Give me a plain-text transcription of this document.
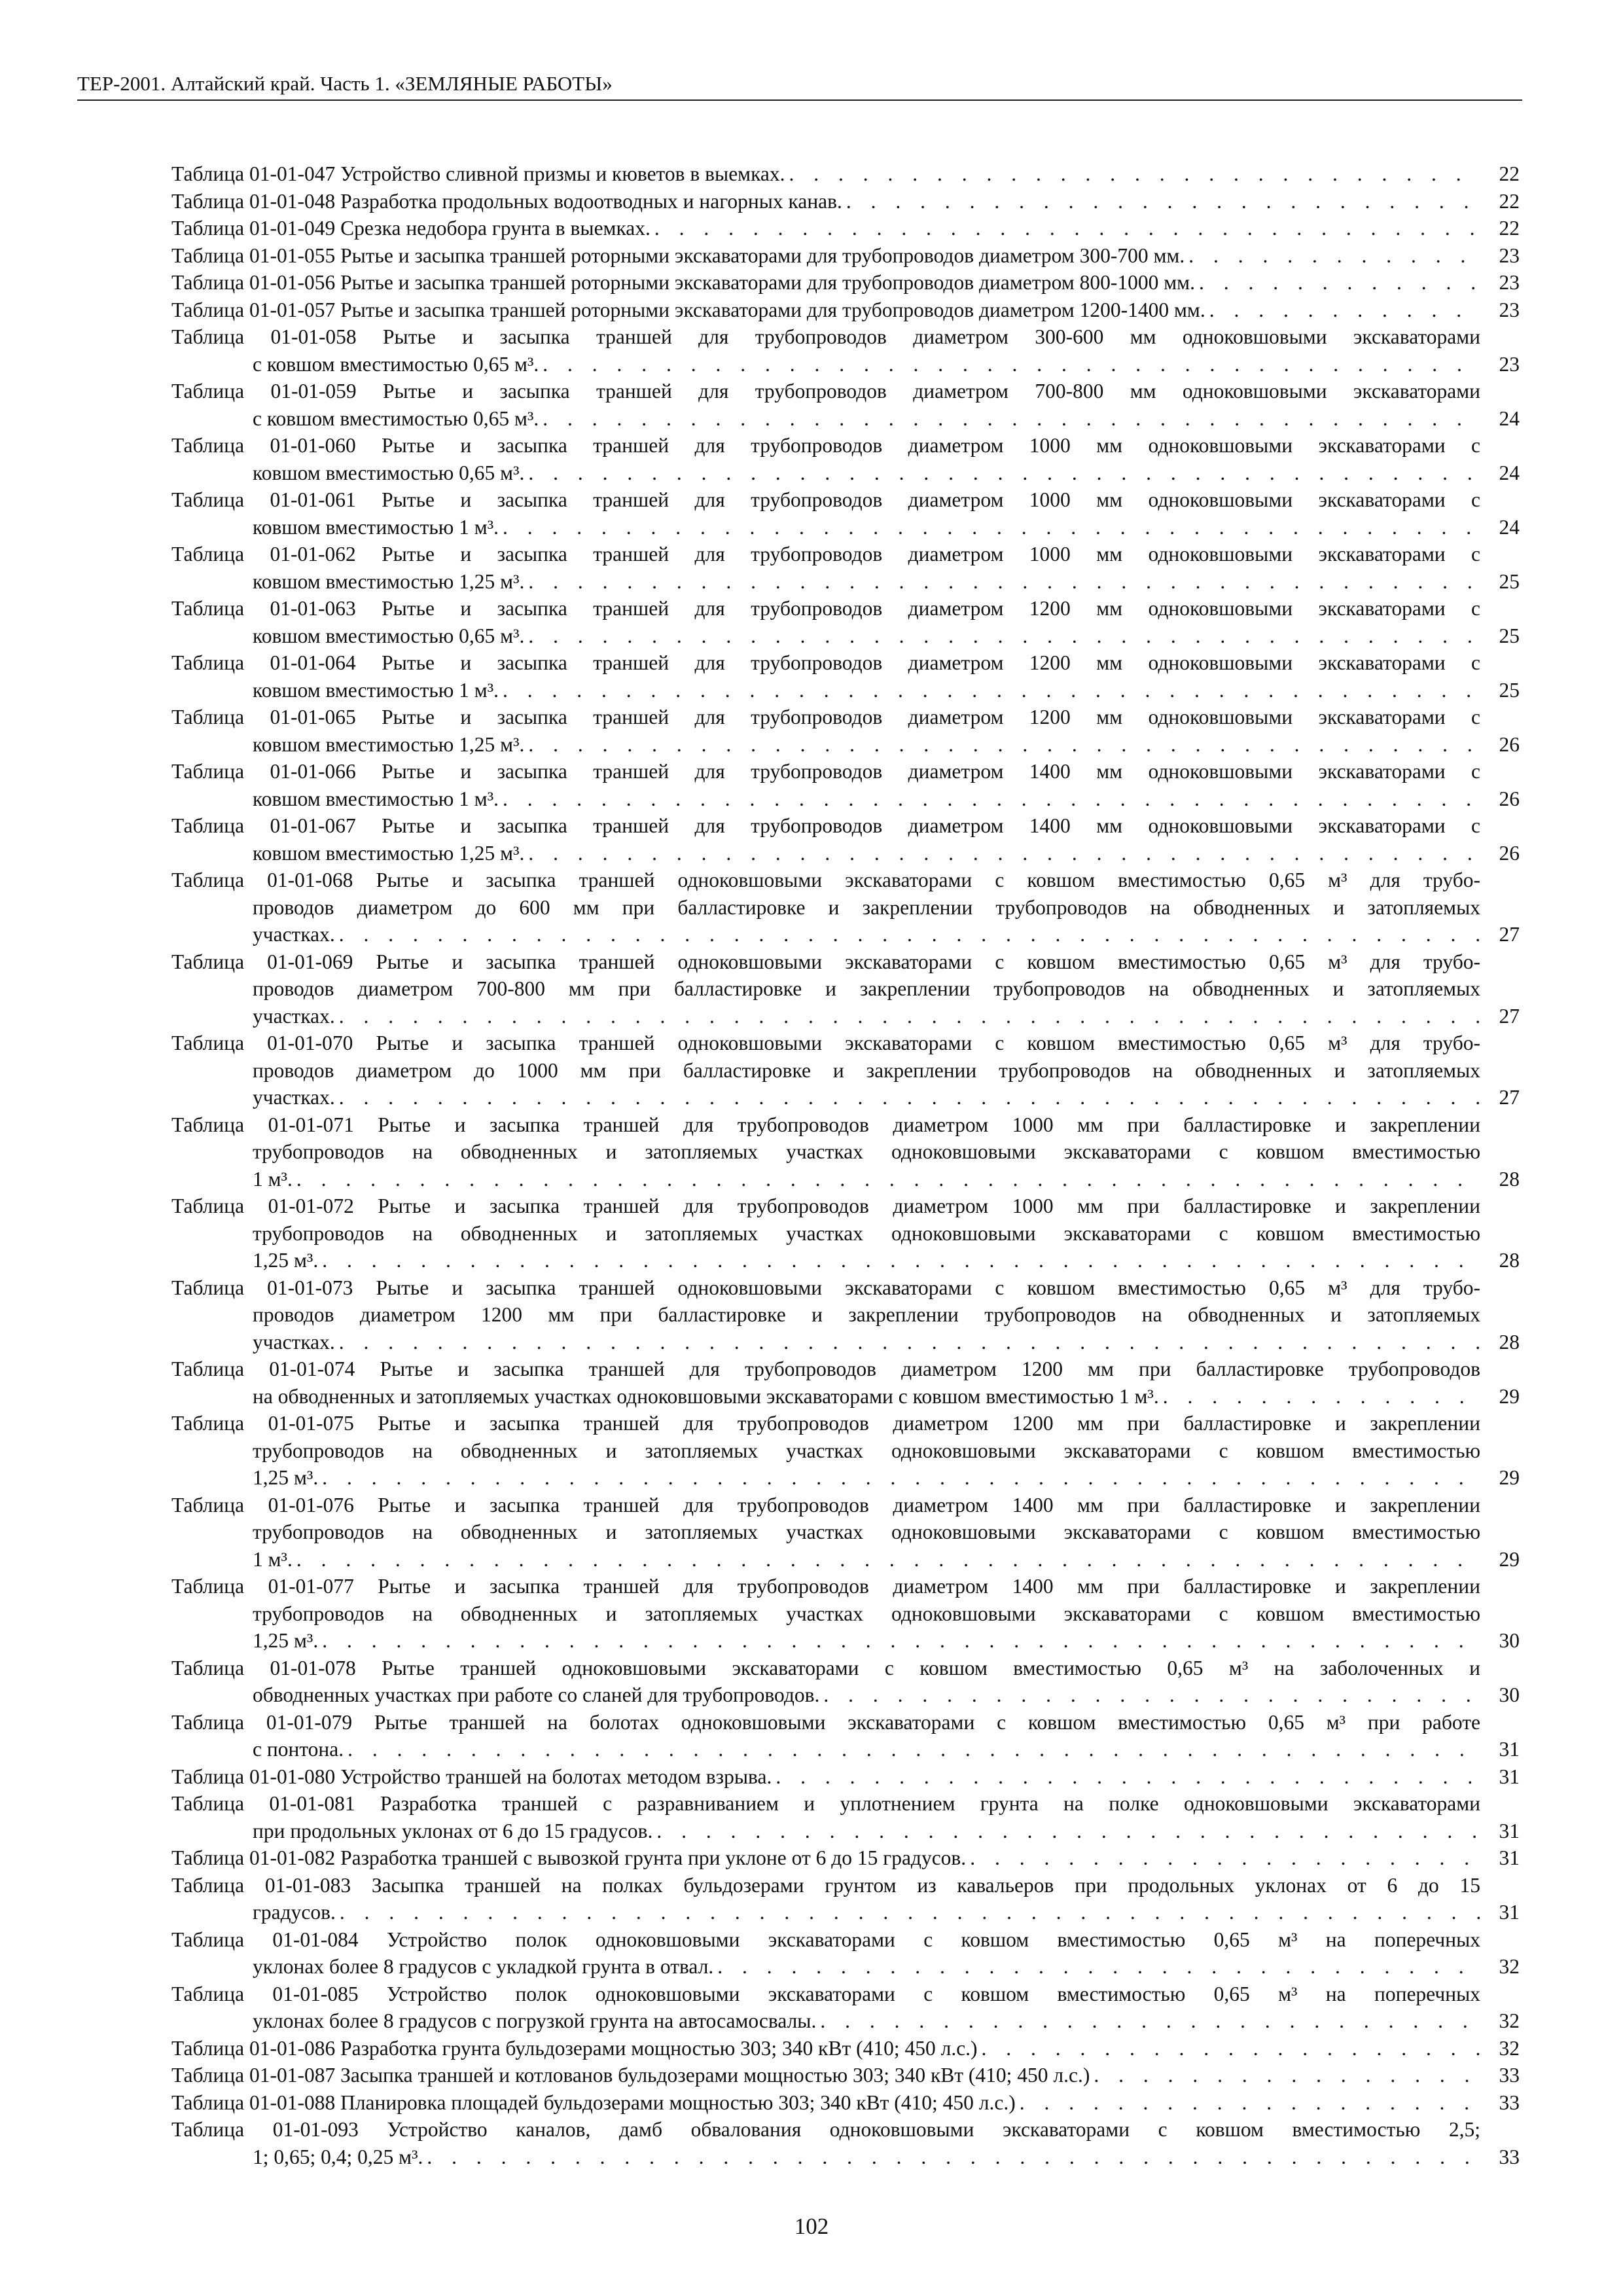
ТЕР-2001. Алтайский край. Часть 1. «ЗЕМЛЯНЫЕ РАБОТЫ»
Таблица 01-01-047 Устройство сливной призмы и кюветов в выемках. . . .	22
Таблица 01-01-048 Разработка продольных водоотводных и нагорных канав. . . .	22
Таблица 01-01-049 Срезка недобора грунта в выемках. . . .	22
Таблица 01-01-055 Рытье и засыпка траншей роторными экскаваторами для трубопроводов диаметром 300-700 мм. . . .	23
Таблица 01-01-056 Рытье и засыпка траншей роторными экскаваторами для трубопроводов диаметром 800-1000 мм. . . .	23
Таблица 01-01-057 Рытье и засыпка траншей роторными экскаваторами для трубопроводов диаметром 1200-1400 мм. . . .	23
Таблица 01-01-058 Рытье и засыпка траншей для трубопроводов диаметром 300-600 мм одноковшовыми экскаваторами
с ковшом вместимостью 0,65 м³. . . .	23
Таблица 01-01-059 Рытье и засыпка траншей для трубопроводов диаметром 700-800 мм одноковшовыми экскаваторами
с ковшом вместимостью 0,65 м³. . . .	24
Таблица 01-01-060 Рытье и засыпка траншей для трубопроводов диаметром 1000 мм одноковшовыми экскаваторами с
ковшом вместимостью 0,65 м³. . . .	24
Таблица 01-01-061 Рытье и засыпка траншей для трубопроводов диаметром 1000 мм одноковшовыми экскаваторами с
ковшом вместимостью 1 м³. . . .	24
Таблица 01-01-062 Рытье и засыпка траншей для трубопроводов диаметром 1000 мм одноковшовыми экскаваторами с
ковшом вместимостью 1,25 м³. . . .	25
Таблица 01-01-063 Рытье и засыпка траншей для трубопроводов диаметром 1200 мм одноковшовыми экскаваторами с
ковшом вместимостью 0,65 м³. . . .	25
Таблица 01-01-064 Рытье и засыпка траншей для трубопроводов диаметром 1200 мм одноковшовыми экскаваторами с
ковшом вместимостью 1 м³. . . .	25
Таблица 01-01-065 Рытье и засыпка траншей для трубопроводов диаметром 1200 мм одноковшовыми экскаваторами с
ковшом вместимостью 1,25 м³. . . .	26
Таблица 01-01-066 Рытье и засыпка траншей для трубопроводов диаметром 1400 мм одноковшовыми экскаваторами с
ковшом вместимостью 1 м³. . . .	26
Таблица 01-01-067 Рытье и засыпка траншей для трубопроводов диаметром 1400 мм одноковшовыми экскаваторами с
ковшом вместимостью 1,25 м³. . . .	26
Таблица 01-01-068 Рытье и засыпка траншей одноковшовыми экскаваторами с ковшом вместимостью 0,65 м³ для трубо-
проводов диаметром до 600 мм при балластировке и закреплении трубопроводов на обводненных и затопляемых
участках. . . .	27
Таблица 01-01-069 Рытье и засыпка траншей одноковшовыми экскаваторами с ковшом вместимостью 0,65 м³ для трубо-
проводов диаметром 700-800 мм при балластировке и закреплении трубопроводов на обводненных и затопляемых
участках. . . .	27
Таблица 01-01-070 Рытье и засыпка траншей одноковшовыми экскаваторами с ковшом вместимостью 0,65 м³ для трубо-
проводов диаметром до 1000 мм при балластировке и закреплении трубопроводов на обводненных и затопляемых
участках. . . .	27
Таблица 01-01-071 Рытье и засыпка траншей для трубопроводов диаметром 1000 мм при балластировке и закреплении
трубопроводов на обводненных и затопляемых участках одноковшовыми экскаваторами с ковшом вместимостью
1 м³. . . .	28
Таблица 01-01-072 Рытье и засыпка траншей для трубопроводов диаметром 1000 мм при балластировке и закреплении
трубопроводов на обводненных и затопляемых участках одноковшовыми экскаваторами с ковшом вместимостью
1,25 м³. . . .	28
Таблица 01-01-073 Рытье и засыпка траншей одноковшовыми экскаваторами с ковшом вместимостью 0,65 м³ для трубо-
проводов диаметром 1200 мм при балластировке и закреплении трубопроводов на обводненных и затопляемых
участках. . . .	28
Таблица 01-01-074 Рытье и засыпка траншей для трубопроводов диаметром 1200 мм при балластировке трубопроводов
на обводненных и затопляемых участках одноковшовыми экскаваторами с ковшом вместимостью 1 м³. . . .	29
Таблица 01-01-075 Рытье и засыпка траншей для трубопроводов диаметром 1200 мм при балластировке и закреплении
трубопроводов на обводненных и затопляемых участках одноковшовыми экскаваторами с ковшом вместимостью
1,25 м³. . . .	29
Таблица 01-01-076 Рытье и засыпка траншей для трубопроводов диаметром 1400 мм при балластировке и закреплении
трубопроводов на обводненных и затопляемых участках одноковшовыми экскаваторами с ковшом вместимостью
1 м³. . . .	29
Таблица 01-01-077 Рытье и засыпка траншей для трубопроводов диаметром 1400 мм при балластировке и закреплении
трубопроводов на обводненных и затопляемых участках одноковшовыми экскаваторами с ковшом вместимостью
1,25 м³. . . .	30
Таблица 01-01-078 Рытье траншей одноковшовыми экскаваторами с ковшом вместимостью 0,65 м³ на заболоченных и
обводненных участках при работе со сланей для трубопроводов. . . .	30
Таблица 01-01-079 Рытье траншей на болотах одноковшовыми экскаваторами с ковшом вместимостью 0,65 м³ при работе
с понтона. . . .	31
Таблица 01-01-080 Устройство траншей на болотах методом взрыва. . . .	31
Таблица 01-01-081 Разработка траншей с разравниванием и уплотнением грунта на полке одноковшовыми экскаваторами
при продольных уклонах от 6 до 15 градусов. . . .	31
Таблица 01-01-082 Разработка траншей с вывозкой грунта при уклоне от 6 до 15 градусов. . . .	31
Таблица 01-01-083 Засыпка траншей на полках бульдозерами грунтом из кавальеров при продольных уклонах от 6 до 15
градусов. . . .	31
Таблица 01-01-084 Устройство полок одноковшовыми экскаваторами с ковшом вместимостью 0,65 м³ на поперечных
уклонах более 8 градусов с укладкой грунта в отвал. . . .	32
Таблица 01-01-085 Устройство полок одноковшовыми экскаваторами с ковшом вместимостью 0,65 м³ на поперечных
уклонах более 8 градусов с погрузкой грунта на автосамосвалы. . . .	32
Таблица 01-01-086 Разработка грунта бульдозерами мощностью 303; 340 кВт (410; 450 л.с.) . . .	32
Таблица 01-01-087 Засыпка траншей и котлованов бульдозерами мощностью 303; 340 кВт (410; 450 л.с.) . . .	33
Таблица 01-01-088 Планировка площадей бульдозерами мощностью 303; 340 кВт (410; 450 л.с.) . . .	33
Таблица 01-01-093 Устройство каналов, дамб обвалования одноковшовыми экскаваторами с ковшом вместимостью 2,5;
1; 0,65; 0,4; 0,25 м³. . . .	33
102
